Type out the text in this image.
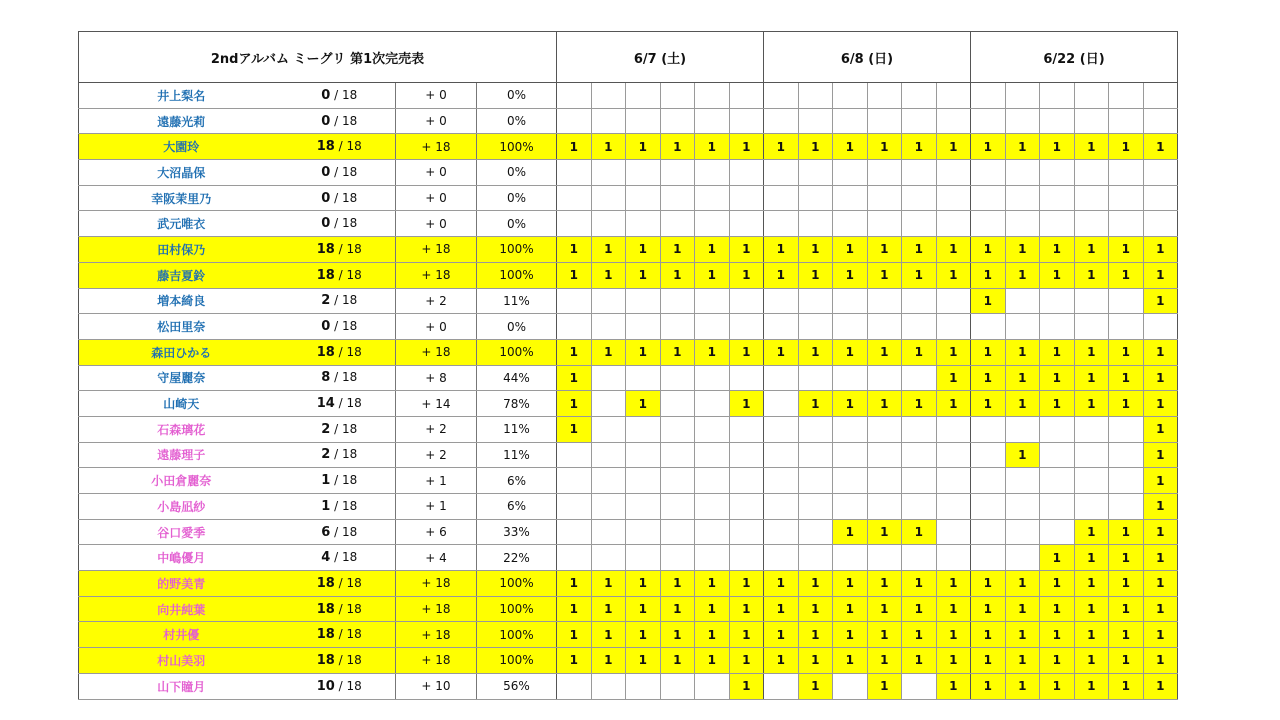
2ndアルバム ミーグリ 第1次完売表				6/7 (土)						6/8 (日)						6/22 (日)					
井上梨名	0 / 18	+ 0	0%																		
遠藤光莉	0 / 18	+ 0	0%																		
大園玲	18 / 18	+ 18	100%	1	1	1	1	1	1	1	1	1	1	1	1	1	1	1	1	1	1
大沼晶保	0 / 18	+ 0	0%																		
幸阪茉里乃	0 / 18	+ 0	0%																		
武元唯衣	0 / 18	+ 0	0%																		
田村保乃	18 / 18	+ 18	100%	1	1	1	1	1	1	1	1	1	1	1	1	1	1	1	1	1	1
藤吉夏鈴	18 / 18	+ 18	100%	1	1	1	1	1	1	1	1	1	1	1	1	1	1	1	1	1	1
増本綺良	2 / 18	+ 2	11%													1					1
松田里奈	0 / 18	+ 0	0%																		
森田ひかる	18 / 18	+ 18	100%	1	1	1	1	1	1	1	1	1	1	1	1	1	1	1	1	1	1
守屋麗奈	8 / 18	+ 8	44%	1											1	1	1	1	1	1	1
山崎天	14 / 18	+ 14	78%	1		1			1		1	1	1	1	1	1	1	1	1	1	1
石森璃花	2 / 18	+ 2	11%	1																	1
遠藤理子	2 / 18	+ 2	11%														1				1
小田倉麗奈	1 / 18	+ 1	6%																		1
小島凪紗	1 / 18	+ 1	6%																		1
谷口愛季	6 / 18	+ 6	33%									1	1	1					1	1	1
中嶋優月	4 / 18	+ 4	22%															1	1	1	1
的野美青	18 / 18	+ 18	100%	1	1	1	1	1	1	1	1	1	1	1	1	1	1	1	1	1	1
向井純葉	18 / 18	+ 18	100%	1	1	1	1	1	1	1	1	1	1	1	1	1	1	1	1	1	1
村井優	18 / 18	+ 18	100%	1	1	1	1	1	1	1	1	1	1	1	1	1	1	1	1	1	1
村山美羽	18 / 18	+ 18	100%	1	1	1	1	1	1	1	1	1	1	1	1	1	1	1	1	1	1
山下瞳月	10 / 18	+ 10	56%						1		1		1		1	1	1	1	1	1	1
